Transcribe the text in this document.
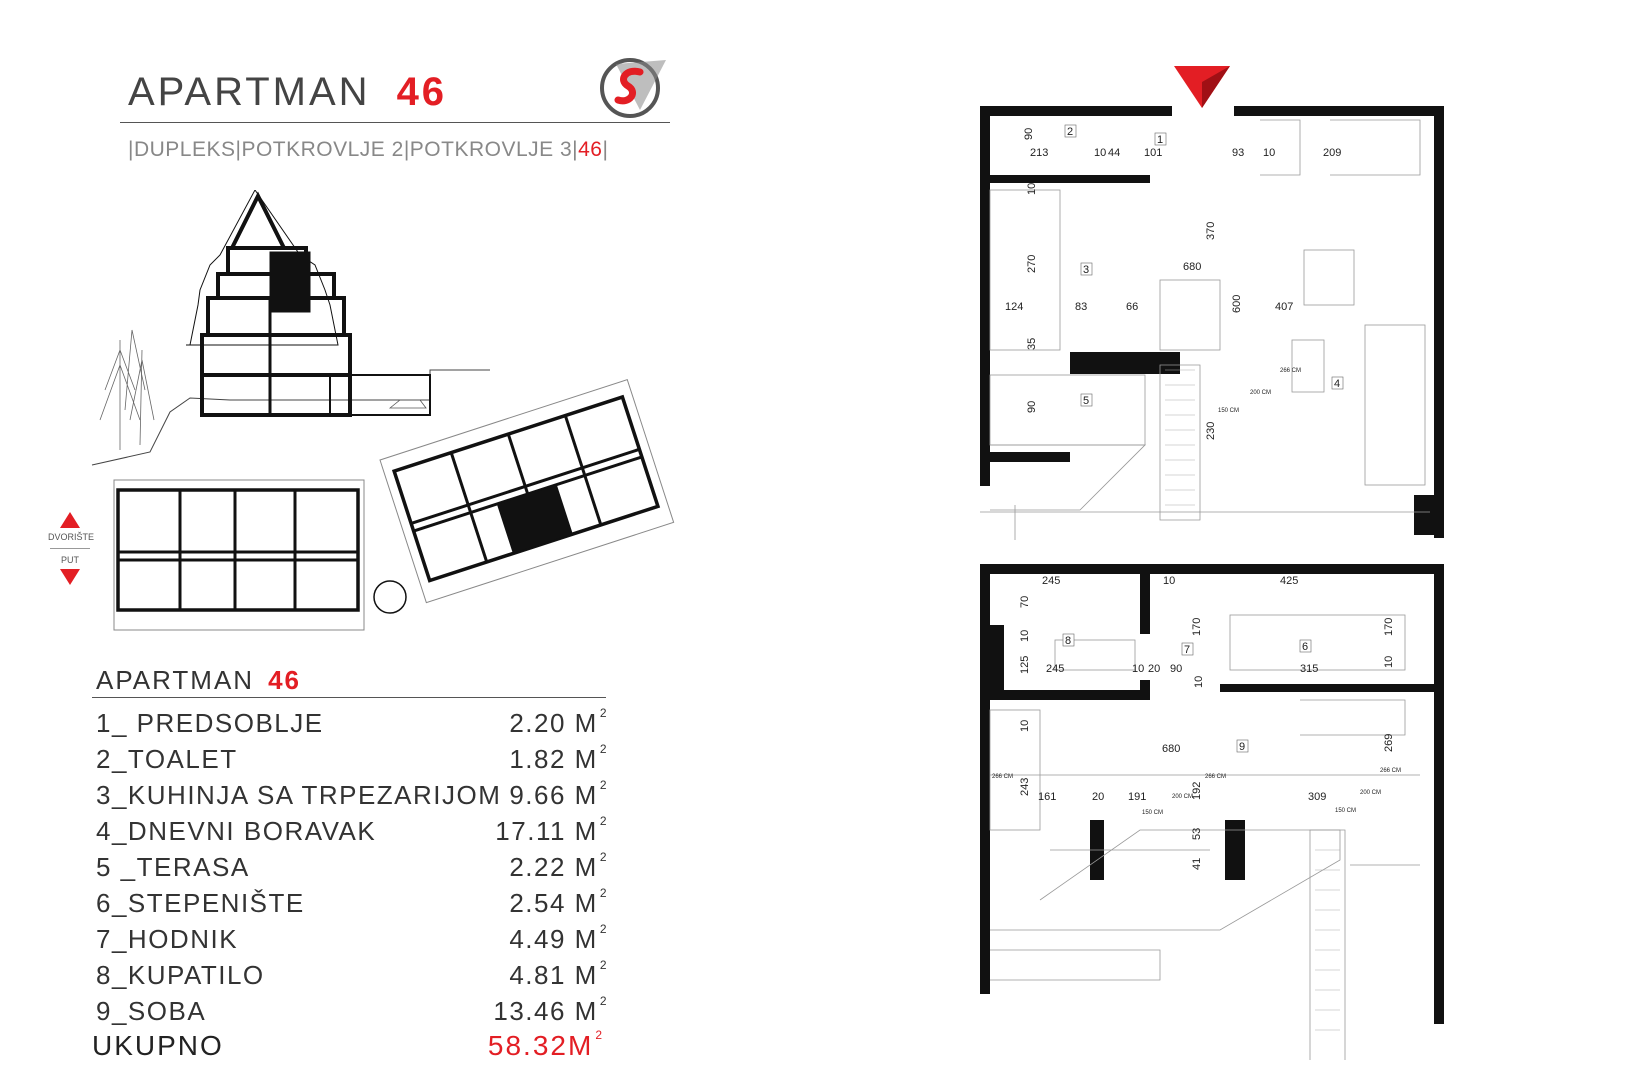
APARTMAN 46
|DUPLEKS|POTKROVLJE 2|POTKROVLJE 3|46|
DVORIŠTE
PUT
APARTMAN 46
1_ PREDSOBLJE	2.20 M $^2$
2_TOALET	1.82 M $^2$
3_KUHINJA SA TRPEZARIJOM 9.66 M $^2$
4_DNEVNI BORAVAK	17.11 M $^2$
5 _TERASA	2.22 M $^2$
6_STEPENIŠTE	2.54 M $^2$
7_HODNIK	4.49 M $^2$
8_KUPATILO	4.81 M $^2$
9_SOBA	13.46 M $^2$
UKUPNO	58.32M $^2$
90
213	10 44 101	93 10	209
10
370
270	680
124	83	66	600	407
35
90
230
266 CM
200 CM
150 CM
1
2
3
4
5
245	10	425
70
10
125 245	10 20 90
170
315
170
10
10
10
680	269
243
161	20 191	192	309
53
41
266 CM
200 CM
150 CM
266 CM
200 CM
150 CM
266 CM
6
7
8
9
